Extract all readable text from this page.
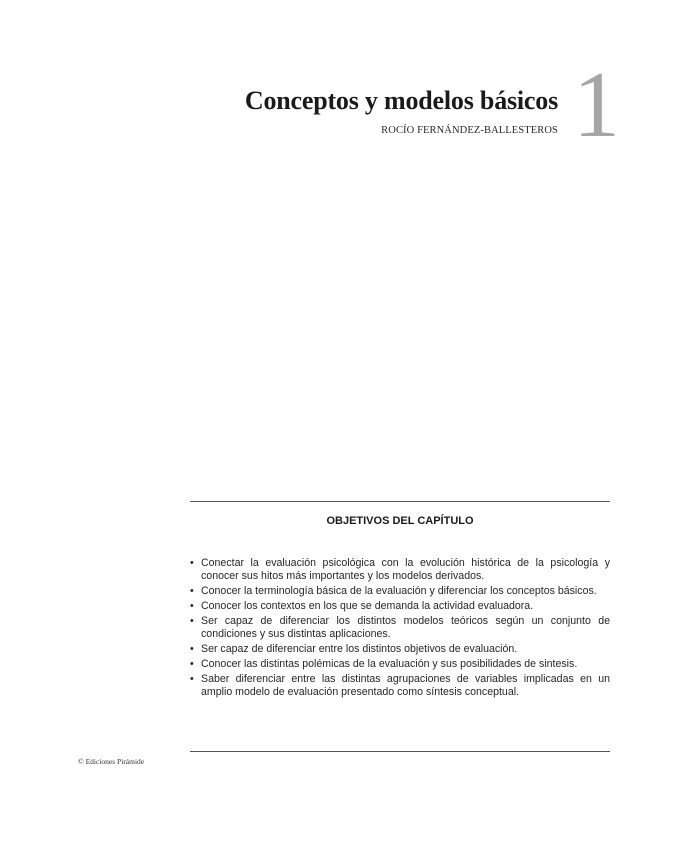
Conceptos y modelos básicos
ROCÍO FERNÁNDEZ-BALLESTEROS 1
OBJETIVOS DEL CAPÍTULO
• Conectar la evaluación psicológica con la evolución histórica de la psicología y conocer sus hitos más importantes y los modelos derivados.
• Conocer la terminología básica de la evaluación y diferenciar los conceptos básicos.
• Conocer los contextos en los que se demanda la actividad evaluadora.
• Ser capaz de diferenciar los distintos modelos teóricos según un conjunto de condiciones y sus distintas aplicaciones.
• Ser capaz de diferenciar entre los distintos objetivos de evaluación.
• Conocer las distintas polémicas de la evaluación y sus posibilidades de sintesis.
• Saber diferenciar entre las distintas agrupaciones de variables implicadas en un amplio modelo de evaluación presentado como síntesis conceptual.
© Ediciones Pirámide
